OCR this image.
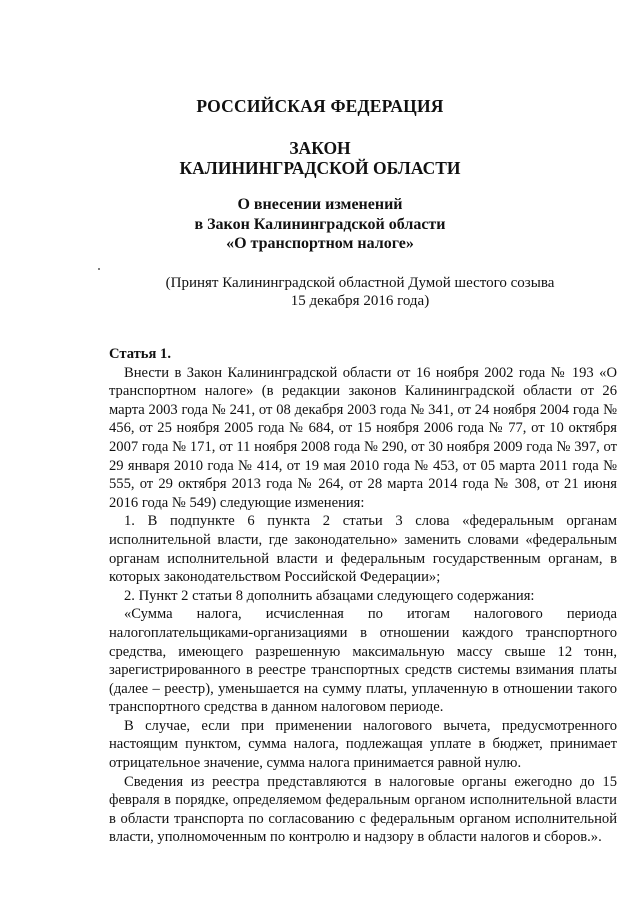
РОССИЙСКАЯ ФЕДЕРАЦИЯ
ЗАКОН
КАЛИНИНГРАДСКОЙ ОБЛАСТИ
О внесении изменений
в Закон Калининградской области
«О транспортном налоге»
(Принят Калининградской областной Думой шестого созыва
15 декабря 2016 года)

Статья 1.

Внести в Закон Калининградской области от 16 ноября 2002 года № 193 «О транспортном налоге» (в редакции законов Калининградской области от 26 марта 2003 года № 241, от 08 декабря 2003 года № 341, от 24 ноября 2004 года № 456, от 25 ноября 2005 года № 684, от 15 ноября 2006 года № 77, от 10 октября 2007 года № 171, от 11 ноября 2008 года № 290, от 30 ноября 2009 года № 397, от 29 января 2010 года № 414, от 19 мая 2010 года № 453, от 05 марта 2011 года № 555, от 29 октября 2013 года № 264, от 28 марта 2014 года № 308, от 21 июня 2016 года № 549) следующие изменения:

1. В подпункте 6 пункта 2 статьи 3 слова «федеральным органам исполнительной власти, где законодательно» заменить словами «федеральным органам исполнительной власти и федеральным государственным органам, в которых законодательством Российской Федерации»;

2. Пункт 2 статьи 8 дополнить абзацами следующего содержания:

«Сумма налога, исчисленная по итогам налогового периода налогоплательщиками-организациями в отношении каждого транспортного средства, имеющего разрешенную максимальную массу свыше 12 тонн, зарегистрированного в реестре транспортных средств системы взимания платы (далее – реестр), уменьшается на сумму платы, уплаченную в отношении такого транспортного средства в данном налоговом периоде.

В случае, если при применении налогового вычета, предусмотренного настоящим пунктом, сумма налога, подлежащая уплате в бюджет, принимает отрицательное значение, сумма налога принимается равной нулю.

Сведения из реестра представляются в налоговые органы ежегодно до 15 февраля в порядке, определяемом федеральным органом исполнительной власти в области транспорта по согласованию с федеральным органом исполнительной власти, уполномоченным по контролю и надзору в области налогов и сборов.».
